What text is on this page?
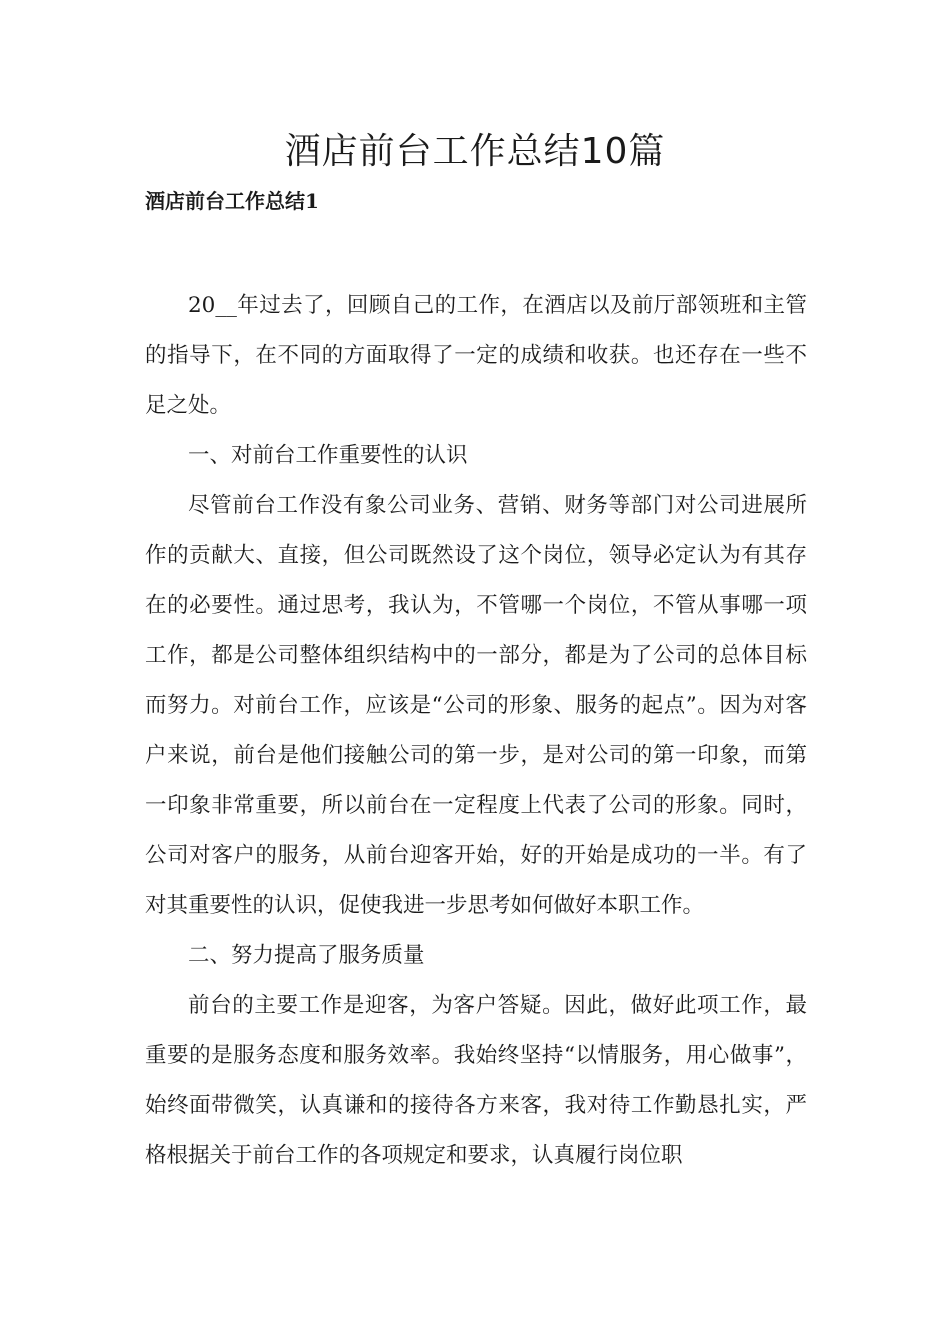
酒店前台工作总结10篇
酒店前台工作总结1

20__年过去了，回顾自己的工作，在酒店以及前厅部领班和主管的指导下，在不同的方面取得了一定的成绩和收获。也还存在一些不足之处。

一、对前台工作重要性的认识

尽管前台工作没有象公司业务、营销、财务等部门对公司进展所作的贡献大、直接，但公司既然设了这个岗位，领导必定认为有其存在的必要性。通过思考，我认为，不管哪一个岗位，不管从事哪一项工作，都是公司整体组织结构中的一部分，都是为了公司的总体目标而努力。对前台工作，应该是“公司的形象、服务的起点”。因为对客户来说，前台是他们接触公司的第一步，是对公司的第一印象，而第一印象非常重要，所以前台在一定程度上代表了公司的形象。同时，公司对客户的服务，从前台迎客开始，好的开始是成功的一半。有了对其重要性的认识，促使我进一步思考如何做好本职工作。

二、努力提高了服务质量

前台的主要工作是迎客，为客户答疑。因此，做好此项工作，最重要的是服务态度和服务效率。我始终坚持“以情服务，用心做事”，始终面带微笑，认真谦和的接待各方来客，我对待工作勤恳扎实，严格根据关于前台工作的各项规定和要求，认真履行岗位职
